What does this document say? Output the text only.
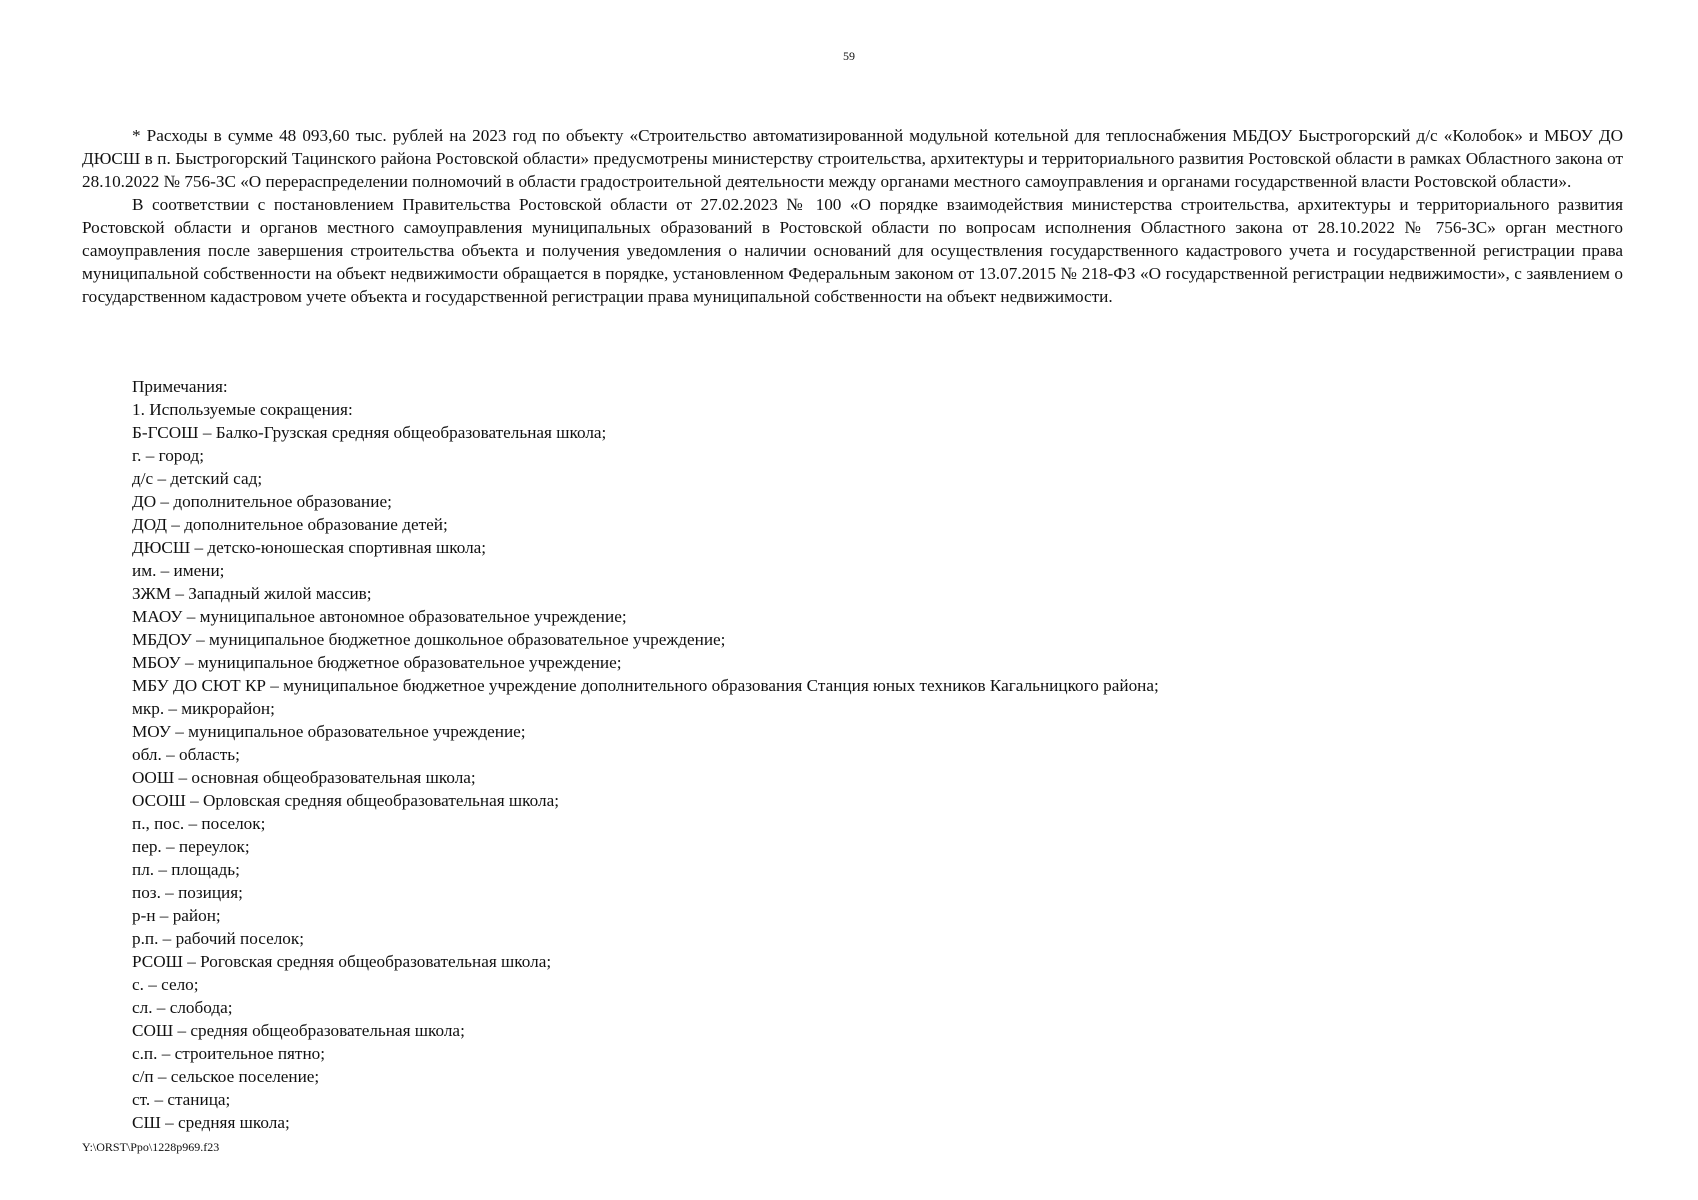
59

* Расходы в сумме 48 093,60 тыс. рублей на 2023 год по объекту «Строительство автоматизированной модульной котельной для теплоснабжения МБДОУ Быстрогорский д/с «Колобок» и МБОУ ДО ДЮСШ в п. Быстрогорский Тацинского района Ростовской области» предусмотрены министерству строительства, архитектуры и территориального развития Ростовской области в рамках Областного закона от 28.10.2022 № 756-ЗС «О перераспределении полномочий в области градостроительной деятельности между органами местного самоуправления и органами государственной власти Ростовской области».

В соответствии с постановлением Правительства Ростовской области от 27.02.2023 № 100 «О порядке взаимодействия министерства строительства, архитектуры и территориального развития Ростовской области и органов местного самоуправления муниципальных образований в Ростовской области по вопросам исполнения Областного закона от 28.10.2022 № 756-ЗС» орган местного самоуправления после завершения строительства объекта и получения уведомления о наличии оснований для осуществления государственного кадастрового учета и государственной регистрации права муниципальной собственности на объект недвижимости обращается в порядке, установленном Федеральным законом от 13.07.2015 № 218-ФЗ «О государственной регистрации недвижимости», с заявлением о государственном кадастровом учете объекта и государственной регистрации права муниципальной собственности на объект недвижимости.

Примечания:
1. Используемые сокращения:
Б-ГСОШ – Балко-Грузская средняя общеобразовательная школа;
г. – город;
д/с – детский сад;
ДО – дополнительное образование;
ДОД – дополнительное образование детей;
ДЮСШ – детско-юношеская спортивная школа;
им. – имени;
ЗЖМ – Западный жилой массив;
МАОУ – муниципальное автономное образовательное учреждение;
МБДОУ – муниципальное бюджетное дошкольное образовательное учреждение;
МБОУ – муниципальное бюджетное образовательное учреждение;
МБУ ДО СЮТ КР – муниципальное бюджетное учреждение дополнительного образования Станция юных техников Кагальницкого района;
мкр. – микрорайон;
МОУ – муниципальное образовательное учреждение;
обл. – область;
ООШ – основная общеобразовательная школа;
ОСОШ – Орловская средняя общеобразовательная школа;
п., пос. – поселок;
пер. – переулок;
пл. – площадь;
поз. – позиция;
р-н – район;
р.п. – рабочий поселок;
РСОШ – Роговская средняя общеобразовательная школа;
с. – село;
сл. – слобода;
СОШ – средняя общеобразовательная школа;
с.п. – строительное пятно;
с/п – сельское поселение;
ст. – станица;
СШ – средняя школа;
Y:\ORST\Ppo\1228p969.f23
